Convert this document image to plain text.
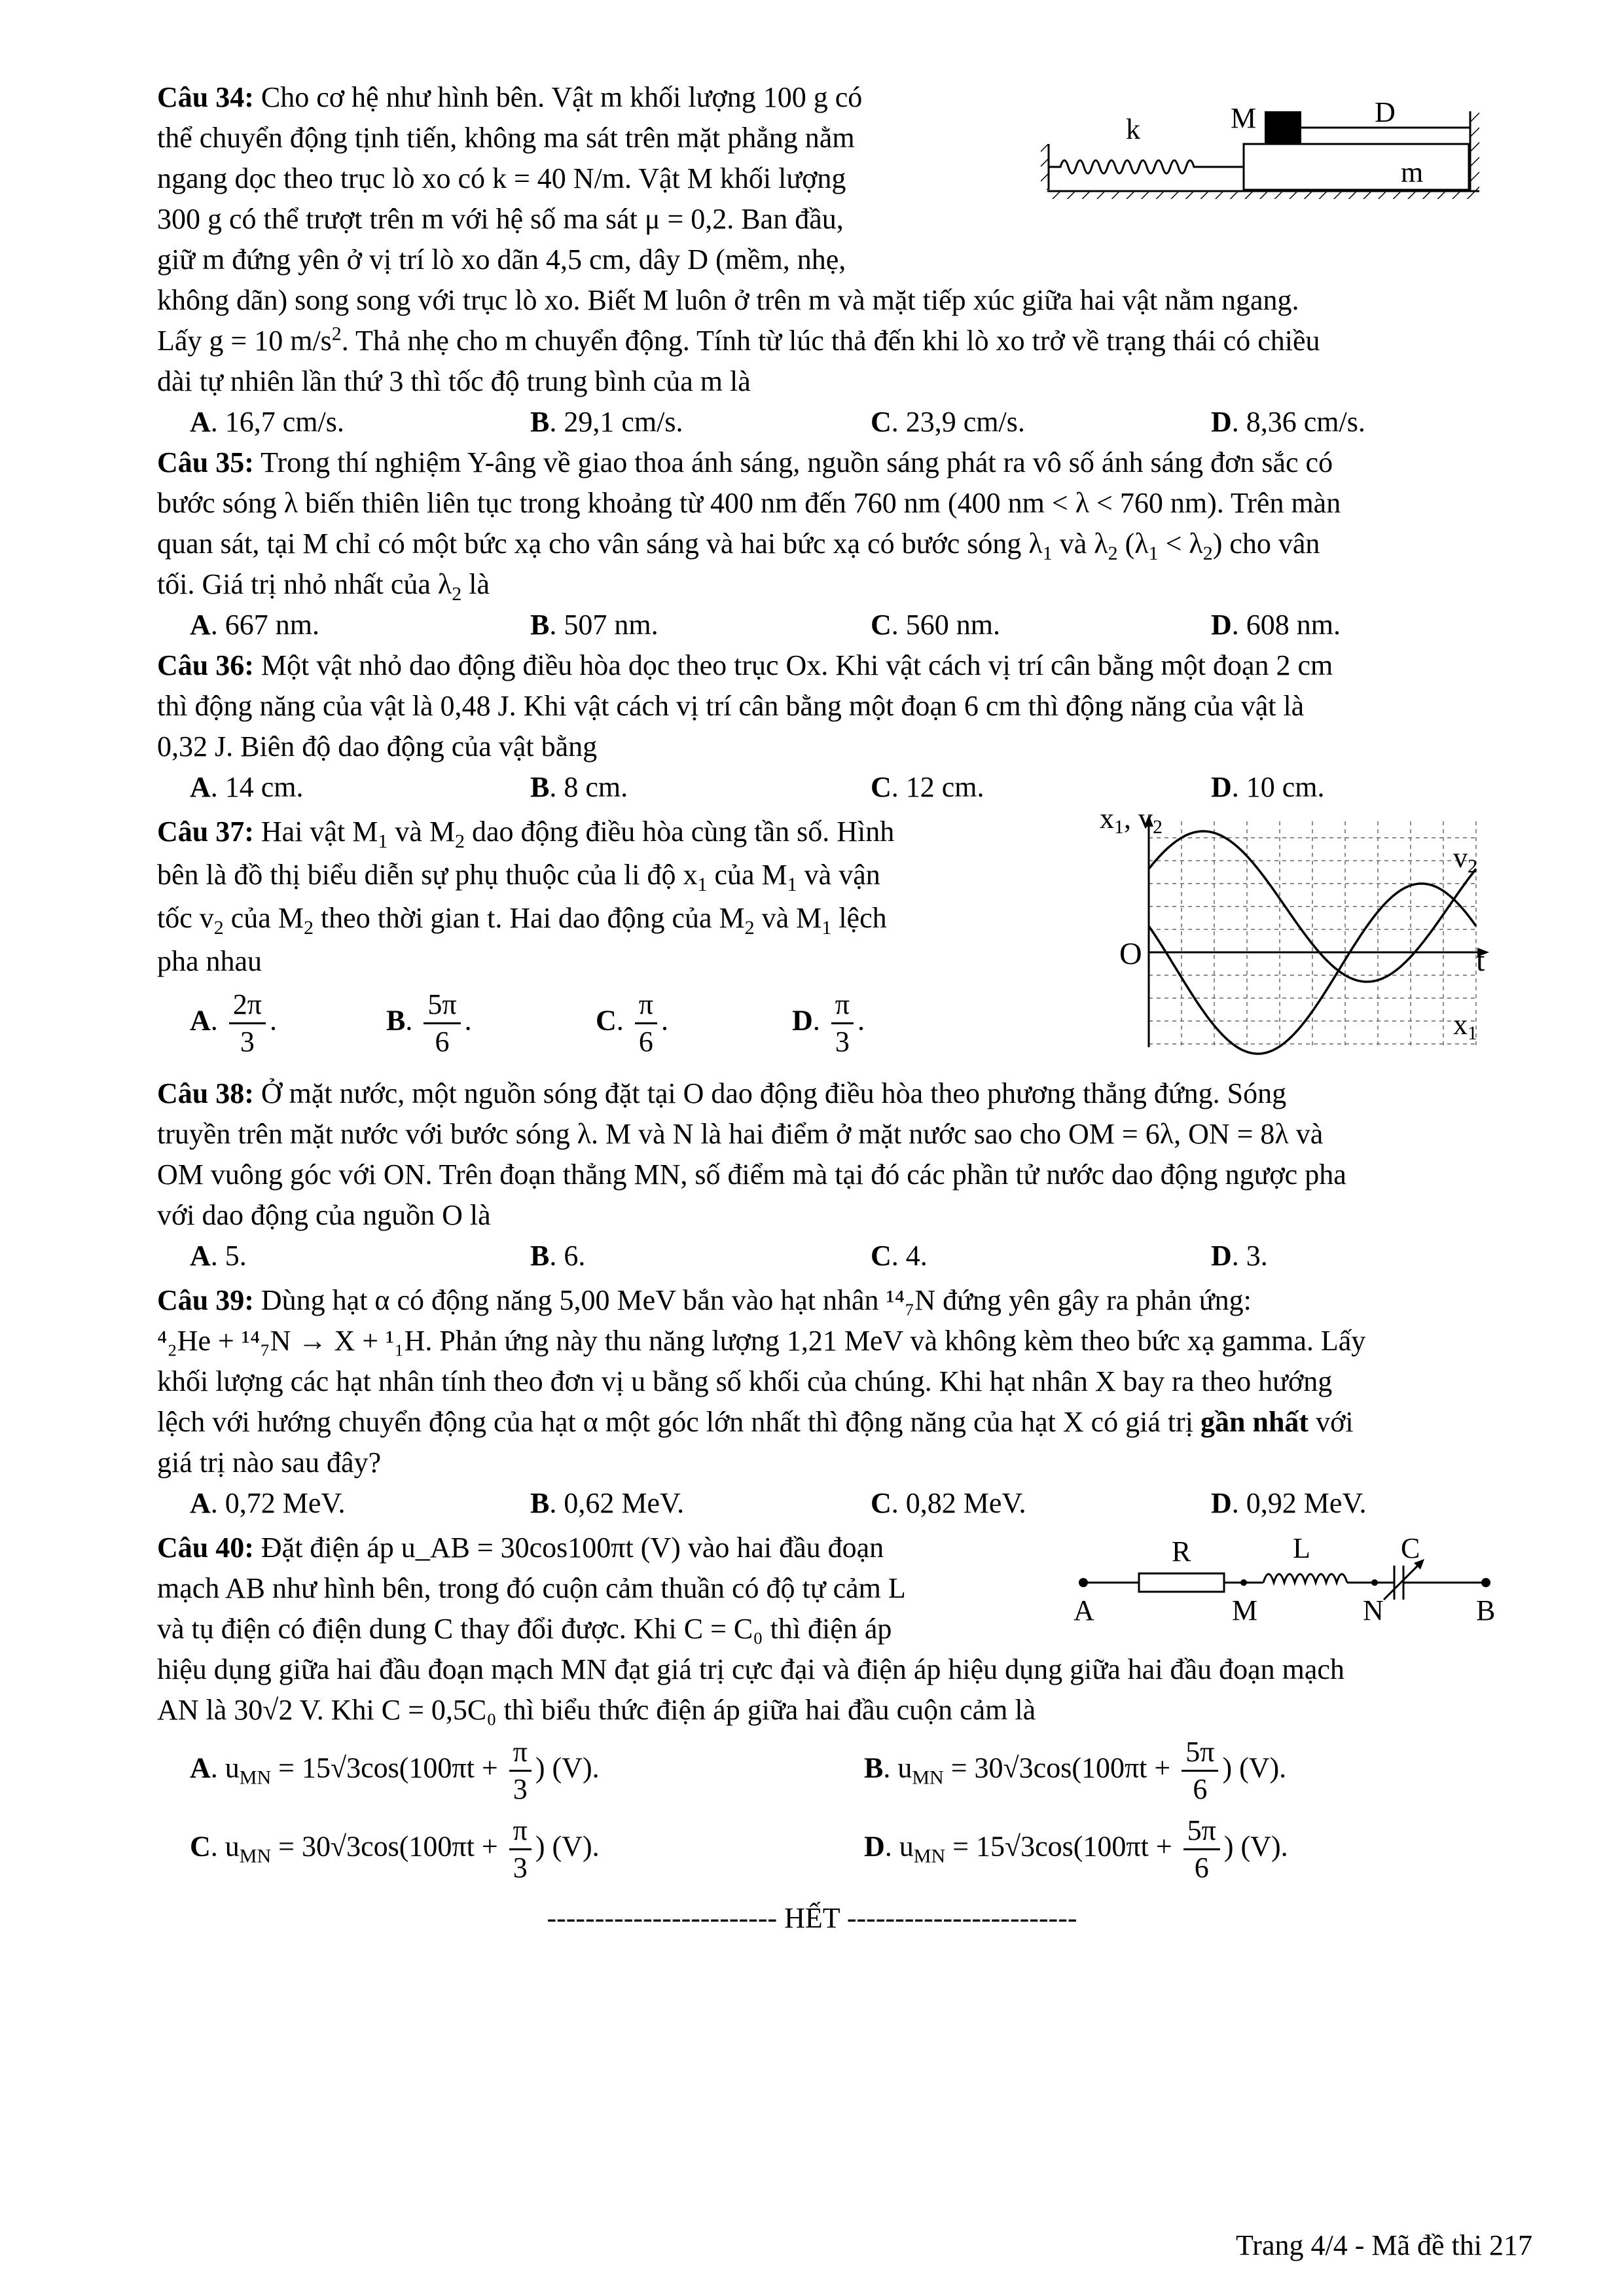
Câu 34: Cho cơ hệ như hình bên. Vật m khối lượng 100 g có
thể chuyển động tịnh tiến, không ma sát trên mặt phẳng nằm
ngang dọc theo trục lò xo có k = 40 N/m. Vật M khối lượng
300 g có thể trượt trên m với hệ số ma sát μ = 0,2. Ban đầu,
giữ m đứng yên ở vị trí lò xo dãn 4,5 cm, dây D (mềm, nhẹ,
không dãn) song song với trục lò xo. Biết M luôn ở trên m và mặt tiếp xúc giữa hai vật nằm ngang.
Lấy g = 10 $m/s^2$. Thả nhẹ cho m chuyển động. Tính từ lúc thả đến khi lò xo trở về trạng thái có chiều
dài tự nhiên lần thứ 3 thì tốc độ trung bình của m là
A. 16,7 cm/s.	B. 29,1 cm/s.	C. 23,9 cm/s.	D. 8,36 cm/s.
k
m
M	D
Câu 35: Trong thí nghiệm Y-âng về giao thoa ánh sáng, nguồn sáng phát ra vô số ánh sáng đơn sắc có
bước sóng λ biến thiên liên tục trong khoảng từ 400 nm đến 760 nm (400 nm < λ < 760 nm). Trên màn
quan sát, tại M chỉ có một bức xạ cho vân sáng và hai bức xạ có bước sóng $\lambda_1$ và $\lambda_2$ $(\lambda_1 < \lambda_2)$ cho vân
tối. Giá trị nhỏ nhất của $\lambda_2$ là
A. 667 nm.	B. 507 nm.	C. 560 nm.	D. 608 nm.
Câu 36: Một vật nhỏ dao động điều hòa dọc theo trục Ox. Khi vật cách vị trí cân bằng một đoạn 2 cm
thì động năng của vật là 0,48 J. Khi vật cách vị trí cân bằng một đoạn 6 cm thì động năng của vật là
0,32 J. Biên độ dao động của vật bằng
A. 14 cm.	B. 8 cm.	C. 12 cm.	D. 10 cm.
Câu 37: Hai vật $M_1$ và $M_2$ dao động điều hòa cùng tần số. Hình
bên là đồ thị biểu diễn sự phụ thuộc của li độ $x_1$ của $M_1$ và vận
tốc $v_2$ của $M_2$ theo thời gian t. Hai dao động của $M_2$ và $M_1$ lệch
pha nhau
A. $\frac{2\pi}{3}$ .	B. $\frac{5\pi}{6}$ .	C. $\frac{\pi}{6}$ .	D. $\frac{\pi}{3}$ .
x1, v2
O	t
v2
x1
Câu 38: Ở mặt nước, một nguồn sóng đặt tại O dao động điều hòa theo phương thẳng đứng. Sóng
truyền trên mặt nước với bước sóng λ. M và N là hai điểm ở mặt nước sao cho OM = 6λ, ON = 8λ và
OM vuông góc với ON. Trên đoạn thẳng MN, số điểm mà tại đó các phần tử nước dao động ngược pha
với dao động của nguồn O là
A. 5.	B. 6.	C. 4.	D. 3.
Câu 39: Dùng hạt α có động năng 5,00 MeV bắn vào hạt nhân ¹⁴₇N đứng yên gây ra phản ứng:
⁴₂He + ¹⁴₇N → X + ¹₁H. Phản ứng này thu năng lượng 1,21 MeV và không kèm theo bức xạ gamma. Lấy
khối lượng các hạt nhân tính theo đơn vị u bằng số khối của chúng. Khi hạt nhân X bay ra theo hướng
lệch với hướng chuyển động của hạt α một góc lớn nhất thì động năng của hạt X có giá trị gần nhất với
giá trị nào sau đây?
A. 0,72 MeV.	B. 0,62 MeV.	C. 0,82 MeV.	D. 0,92 MeV.
Câu 40: Đặt điện áp u_AB = 30cos100πt (V) vào hai đầu đoạn
mạch AB như hình bên, trong đó cuộn cảm thuần có độ tự cảm L
và tụ điện có điện dung C thay đổi được. Khi C = C₀ thì điện áp
hiệu dụng giữa hai đầu đoạn mạch MN đạt giá trị cực đại và điện áp hiệu dụng giữa hai đầu đoạn mạch
AN là 30√2 V. Khi C = 0,5C₀ thì biểu thức điện áp giữa hai đầu cuộn cảm là
R	L	C
A	M	N	B
A. $u_{MN} = 15√3\cos(100\pi t + \frac{\pi}{3}$ ) (V).	B. $u_{MN} = 30√3\cos(100\pi t + \frac{5\pi}{6}$ ) (V).
C. $u_{MN} = 30√3\cos(100\pi t + \frac{\pi}{3}$ ) (V).	D. $u_{MN} = 15√3\cos(100\pi t + \frac{5\pi}{6}$ ) (V).
------------------------ HẾT ------------------------
Trang 4/4 - Mã đề thi 217
